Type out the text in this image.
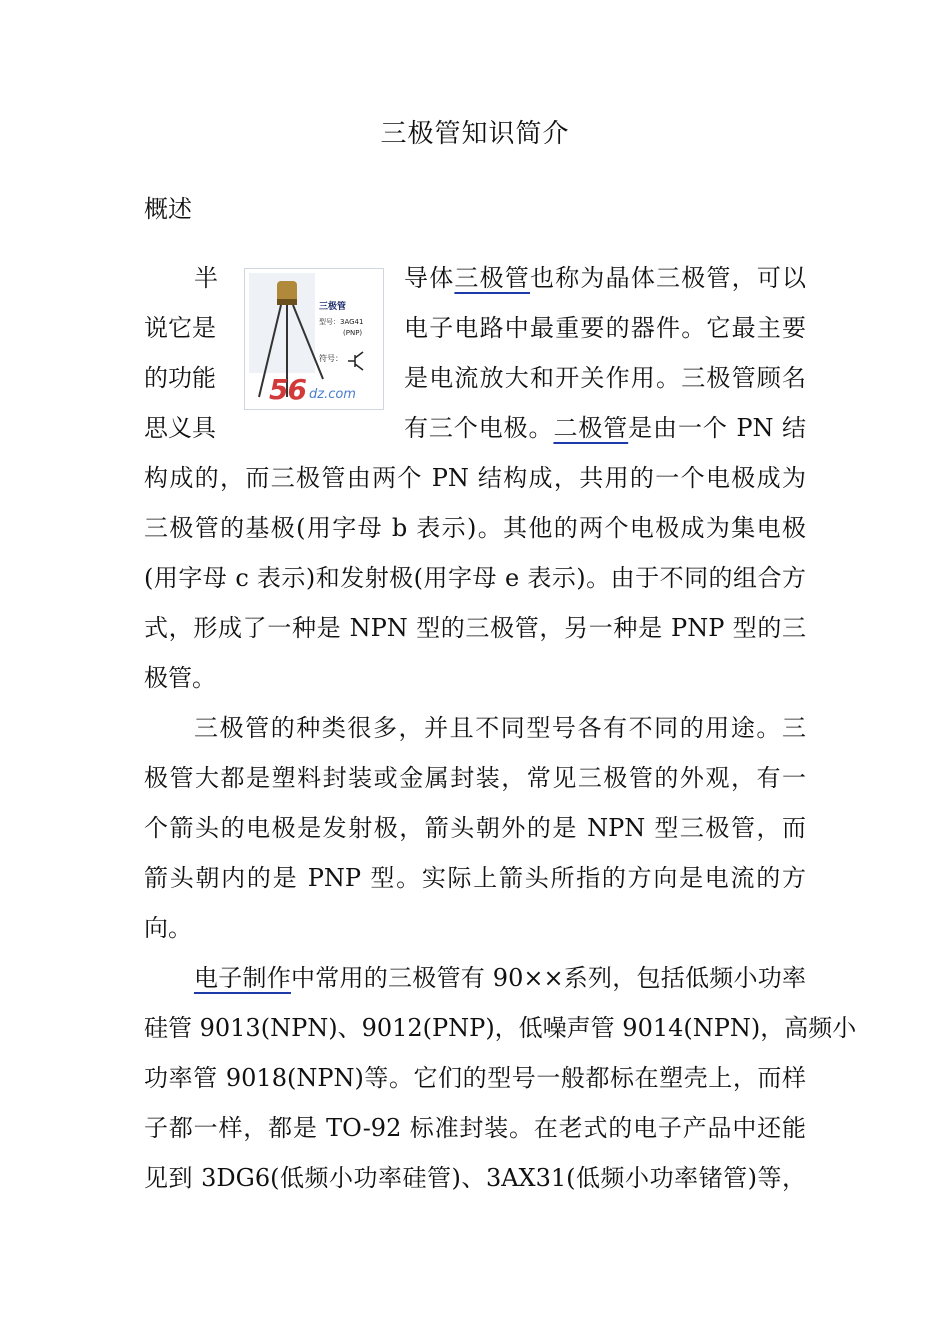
三极管知识简介
概述
三极管
型号：3AG41
(PNP)
符号：
56 dz.com
半	导体三极管也称为晶体三极管，可以
说它是	电子电路中最重要的器件。它最主要
的功能	是电流放大和开关作用。三极管顾名
思义具	有三个电极。二极管是由一个 PN 结
构成的，而三极管由两个 PN 结构成，共用的一个电极成为
三极管的基极(用字母 b 表示)。其他的两个电极成为集电极
(用字母 c 表示)和发射极(用字母 e 表示)。由于不同的组合方
式，形成了一种是 NPN 型的三极管，另一种是 PNP 型的三
极管。
三极管的种类很多，并且不同型号各有不同的用途。三
极管大都是塑料封装或金属封装，常见三极管的外观，有一
个箭头的电极是发射极，箭头朝外的是 NPN 型三极管，而
箭头朝内的是 PNP 型。实际上箭头所指的方向是电流的方
向。
电子制作中常用的三极管有 90××系列，包括低频小功率
硅管 9013(NPN)、9012(PNP)，低噪声管 9014(NPN)，高频小
功率管 9018(NPN)等。它们的型号一般都标在塑壳上，而样
子都一样，都是 TO-92 标准封装。在老式的电子产品中还能
见到 3DG6(低频小功率硅管)、3AX31(低频小功率锗管)等，
